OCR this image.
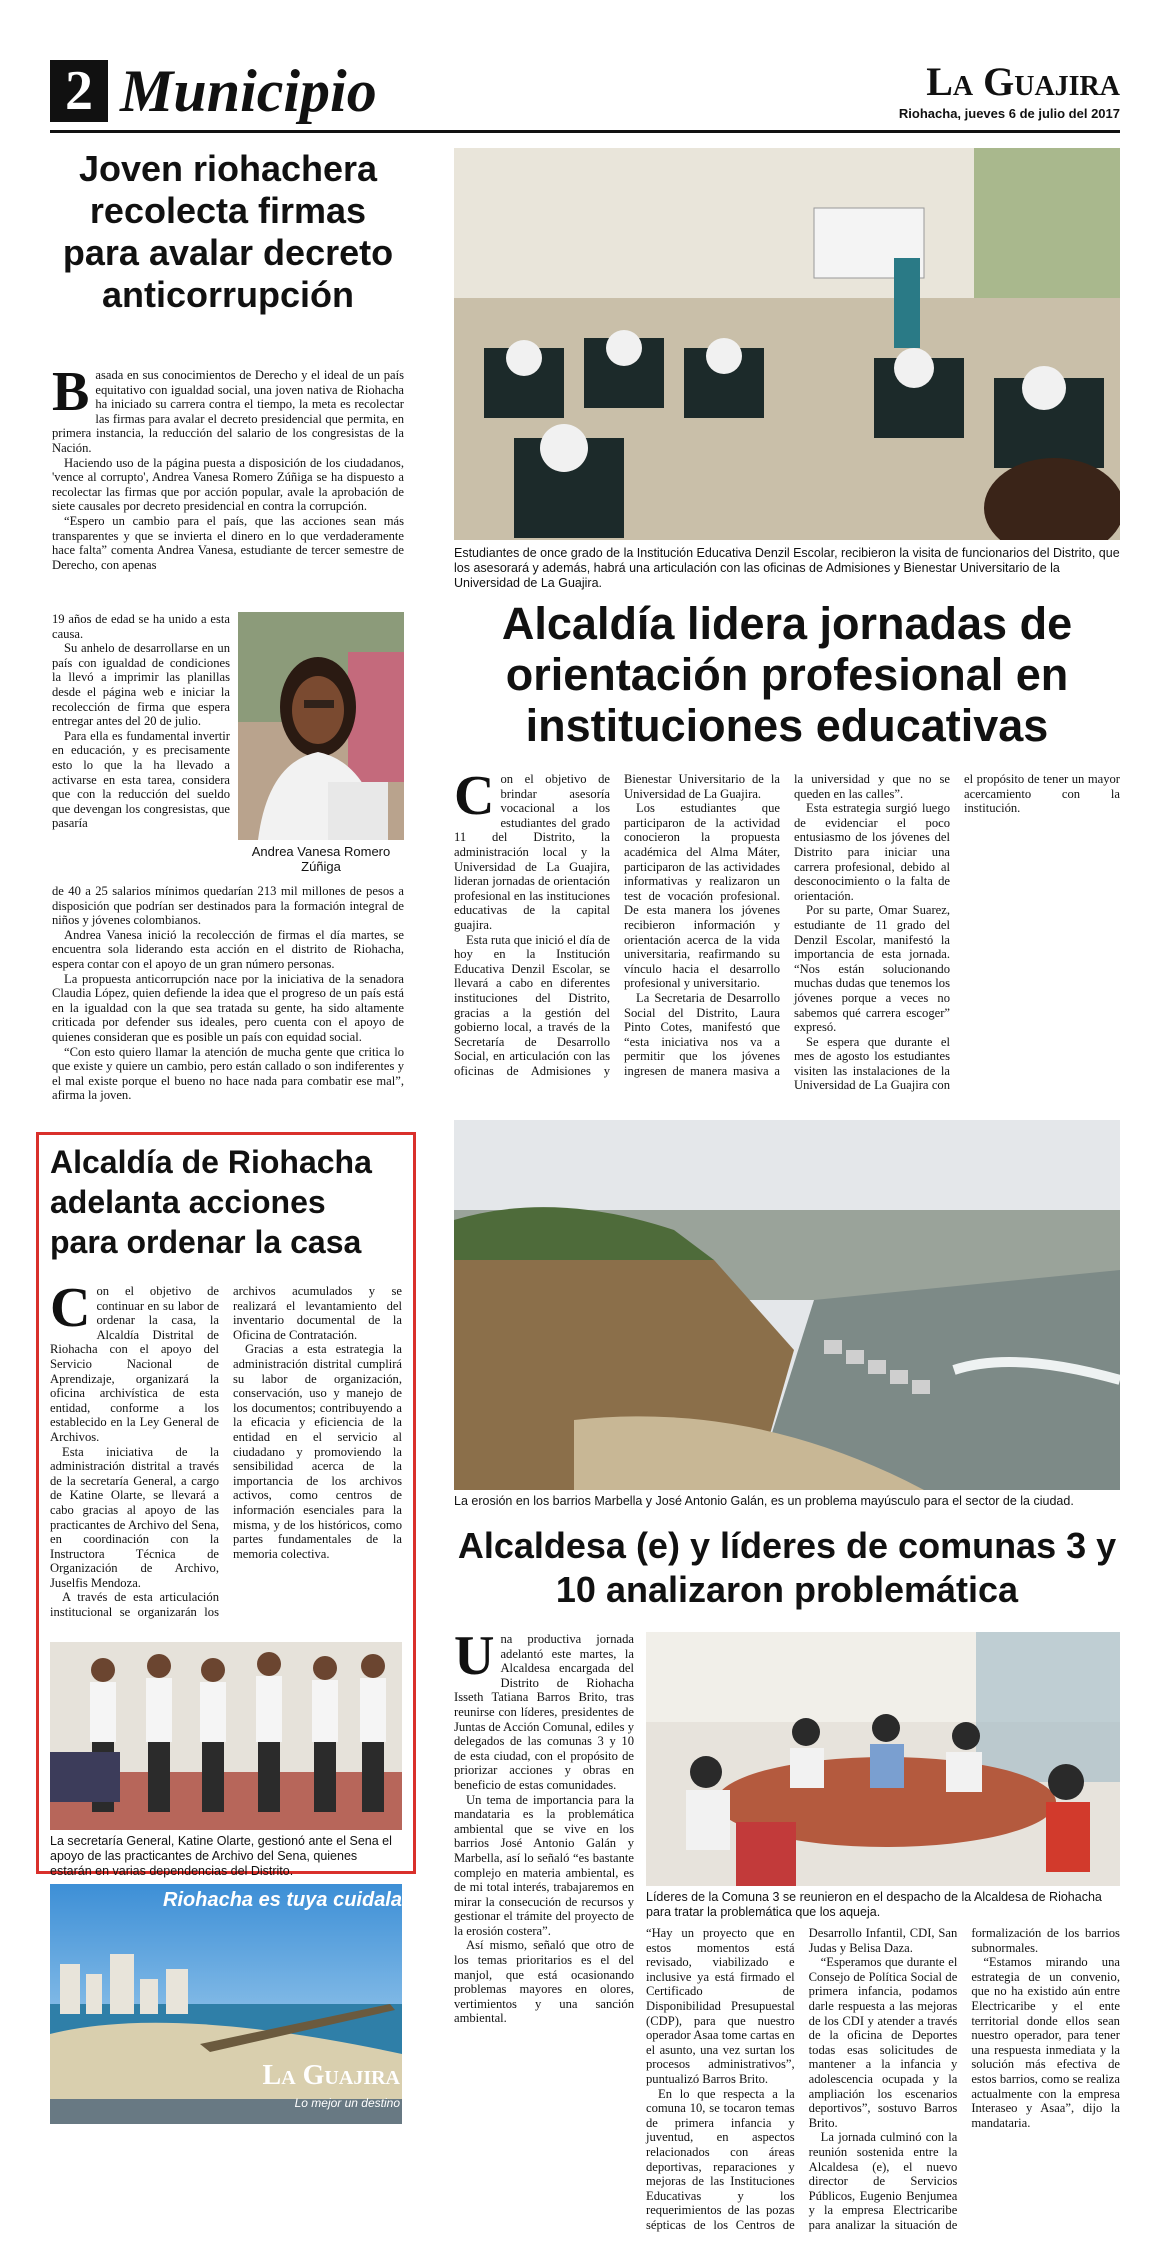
2 Municipio	La Guajira
Riohacha, jueves 6 de julio del 2017
Joven riohachera recolecta firmas para avalar decreto anticorrupción
B asada en sus conocimientos de Derecho y el ideal de un país equitativo con igualdad social, una joven nativa de Riohacha ha iniciado su carrera contra el tiempo, la meta es recolectar las firmas para avalar el decreto presidencial que permita, en primera instancia, la reducción del salario de los congresistas de la Nación.

Haciendo uso de la página puesta a disposición de los ciudadanos, 'vence al corrupto', Andrea Vanesa Romero Zúñiga se ha dispuesto a recolectar las firmas que por acción popular, avale la aprobación de siete causales por decreto presidencial en contra la corrupción.

“Espero un cambio para el país, que las acciones sean más transparentes y que se invierta el dinero en lo que verdaderamente hace falta” comenta Andrea Vanesa, estudiante de tercer semestre de Derecho, con apenas

19 años de edad se ha unido a esta causa.

Su anhelo de desarrollarse en un país con igualdad de condiciones la llevó a imprimir las planillas desde el página web e iniciar la recolección de firma que espera entregar antes del 20 de julio.

Para ella es fundamental invertir en educación, y es precisamente esto lo que la ha llevado a activarse en esta tarea, considera que con la reducción del sueldo que devengan los congresistas, que pasaría

Andrea Vanesa Romero Zúñiga

de 40 a 25 salarios mínimos quedarían 213 mil millones de pesos a disposición que podrían ser destinados para la formación integral de niños y jóvenes colombianos.

Andrea Vanesa inició la recolección de firmas el día martes, se encuentra sola liderando esta acción en el distrito de Riohacha, espera contar con el apoyo de un gran número personas.

La propuesta anticorrupción nace por la iniciativa de la senadora Claudia López, quien defiende la idea que el progreso de un país está en la igualdad con la que sea tratada su gente, ha sido altamente criticada por defender sus ideales, pero cuenta con el apoyo de quienes consideran que es posible un país con equidad social.

“Con esto quiero llamar la atención de mucha gente que critica lo que existe y quiere un cambio, pero están callado o son indiferentes y el mal existe porque el bueno no hace nada para combatir ese mal”, afirma la joven.

Estudiantes de once grado de la Institución Educativa Denzil Escolar, recibieron la visita de funcionarios del Distrito, que los asesorará y además, habrá una articulación con las oficinas de Admisiones y Bienestar Universitario de la Universidad de La Guajira.
Alcaldía lidera jornadas de orientación profesional en instituciones educativas
C on el objetivo de brindar asesoría vocacional a los estudiantes del grado 11 del Distrito, la administración local y la Universidad de La Guajira, lideran jornadas de orientación profesional en las instituciones educativas de la capital guajira.

Esta ruta que inició el día de hoy en la Institución Educativa Denzil Escolar, se llevará a cabo en diferentes instituciones del Distrito, gracias a la gestión del gobierno local, a través de la Secretaría de Desarrollo Social, en articulación con las oficinas de Admisiones y Bienestar Universitario de la Universidad de La Guajira.

Los estudiantes que participaron de la actividad conocieron la propuesta académica del Alma Máter, participaron de las actividades informativas y realizaron un test de vocación profesional. De esta manera los jóvenes recibieron información y orientación acerca de la vida universitaria, reafirmando su vínculo hacia el desarrollo profesional y universitario.

La Secretaria de Desarrollo Social del Distrito, Laura Pinto Cotes, manifestó que “esta iniciativa nos va a permitir que los jóvenes ingresen de manera masiva a la universidad y que no se queden en las calles”.

Esta estrategia surgió luego de evidenciar el poco entusiasmo de los jóvenes del Distrito para iniciar una carrera profesional, debido al desconocimiento o la falta de orientación.

Por su parte, Omar Suarez, estudiante de 11 grado del Denzil Escolar, manifestó la importancia de esta jornada. “Nos están solucionando muchas dudas que tenemos los jóvenes porque a veces no sabemos qué carrera escoger” expresó.

Se espera que durante el mes de agosto los estudiantes visiten las instalaciones de la Universidad de La Guajira con el propósito de tener un mayor acercamiento con la institución.

Alcaldía de Riohacha adelanta acciones para ordenar la casa
C on el objetivo de continuar en su labor de ordenar la casa, la Alcaldía Distrital de Riohacha con el apoyo del Servicio Nacional de Aprendizaje, organizará la oficina archivística de esta entidad, conforme a los establecido en la Ley General de Archivos.

Esta iniciativa de la administración distrital a través de la secretaría General, a cargo de Katine Olarte, se llevará a cabo gracias al apoyo de las practicantes de Archivo del Sena, en coordinación con la Instructora Técnica de Organización de Archivo, Juselfis Mendoza.

A través de esta articulación institucional se organizarán los archivos acumulados y se realizará el levantamiento del inventario documental de la Oficina de Contratación.

Gracias a esta estrategia la administración distrital cumplirá su labor de organización, conservación, uso y manejo de los documentos; contribuyendo a la eficacia y eficiencia de la entidad en el servicio al ciudadano y promoviendo la sensibilidad acerca de la importancia de los archivos activos, como centros de información esenciales para la misma, y de los históricos, como partes fundamentales de la memoria colectiva.

La secretaría General, Katine Olarte, gestionó ante el Sena el apoyo de las practicantes de Archivo del Sena, quienes estarán en varias dependencias del Distrito.
Riohacha es tuya cuidala
La Guajira
Lo mejor un destino
La erosión en los barrios Marbella y José Antonio Galán, es un problema mayúsculo para el sector de la ciudad.
Alcaldesa (e) y líderes de comunas 3 y 10 analizaron problemática
Líderes de la Comuna 3 se reunieron en el despacho de la Alcaldesa de Riohacha para tratar la problemática que los aqueja.
U na productiva jornada adelantó este martes, la Alcaldesa encargada del Distrito de Riohacha Isseth Tatiana Barros Brito, tras reunirse con líderes, presidentes de Juntas de Acción Comunal, ediles y delegados de las comunas 3 y 10 de esta ciudad, con el propósito de priorizar acciones y obras en beneficio de estas comunidades.

Un tema de importancia para la mandataria es la problemática ambiental que se vive en los barrios José Antonio Galán y Marbella, así lo señaló “es bastante complejo en materia ambiental, es de mi total interés, trabajaremos en mirar la consecución de recursos y gestionar el trámite del proyecto de la erosión costera”.

Así mismo, señaló que otro de los temas prioritarios es el del manjol, que está ocasionando problemas mayores en olores, vertimientos y una sanción ambiental.

“Hay un proyecto que en estos momentos está revisado, viabilizado e inclusive ya está firmado el Certificado de Disponibilidad Presupuestal (CDP), para que nuestro operador Asaa tome cartas en el asunto, una vez surtan los procesos administrativos”, puntualizó Barros Brito.

En lo que respecta a la comuna 10, se tocaron temas de primera infancia y juventud, en aspectos relacionados con áreas deportivas, reparaciones y mejoras de las Instituciones Educativas y los requerimientos de las pozas sépticas de los Centros de Desarrollo Infantil, CDI, San Judas y Belisa Daza.

“Esperamos que durante el Consejo de Política Social de primera infancia, podamos darle respuesta a las mejoras de los CDI y atender a través de la oficina de Deportes todas esas solicitudes de mantener a la infancia y adolescencia ocupada y la ampliación los escenarios deportivos”, sostuvo Barros Brito.

La jornada culminó con la reunión sostenida entre la Alcaldesa (e), el nuevo director de Servicios Públicos, Eugenio Benjumea y la empresa Electricaribe para analizar la situación de formalización de los barrios subnormales.

“Estamos mirando una estrategia de un convenio, que no ha existido aún entre Electricaribe y el ente territorial donde ellos sean nuestro operador, para tener una respuesta inmediata y la solución más efectiva de estos barrios, como se realiza actualmente con la empresa Interaseo y Asaa”, dijo la mandataria.
